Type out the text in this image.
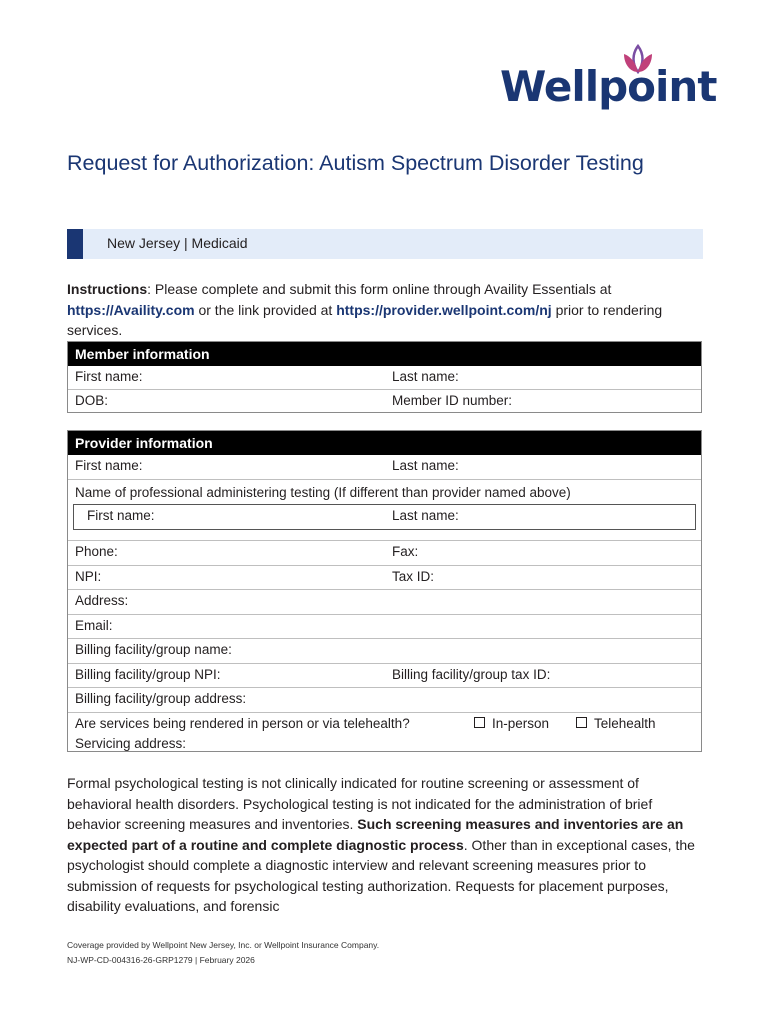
Wellpoint
Request for Authorization: Autism Spectrum Disorder Testing
New Jersey | Medicaid
Instructions: Please complete and submit this form online through Availity Essentials at https://Availity.com or the link provided at https://provider.wellpoint.com/nj prior to rendering services.
Member information
First name:	Last name:
DOB:	Member ID number:
Provider information
First name:	Last name:
Name of professional administering testing (If different than provider named above)
First name:	Last name:
Phone:	Fax:
NPI:	Tax ID:
Address:
Email:
Billing facility/group name:
Billing facility/group NPI:	Billing facility/group tax ID:
Billing facility/group address:
Are services being rendered in person or via telehealth?	In-person	Telehealth
Servicing address:
Formal psychological testing is not clinically indicated for routine screening or assessment of behavioral health disorders. Psychological testing is not indicated for the administration of brief behavior screening measures and inventories. Such screening measures and inventories are an expected part of a routine and complete diagnostic process. Other than in exceptional cases, the psychologist should complete a diagnostic interview and relevant screening measures prior to submission of requests for psychological testing authorization. Requests for placement purposes, disability evaluations, and forensic
Coverage provided by Wellpoint New Jersey, Inc. or Wellpoint Insurance Company.
NJ-WP-CD-004316-26-GRP1279 | February 2026
